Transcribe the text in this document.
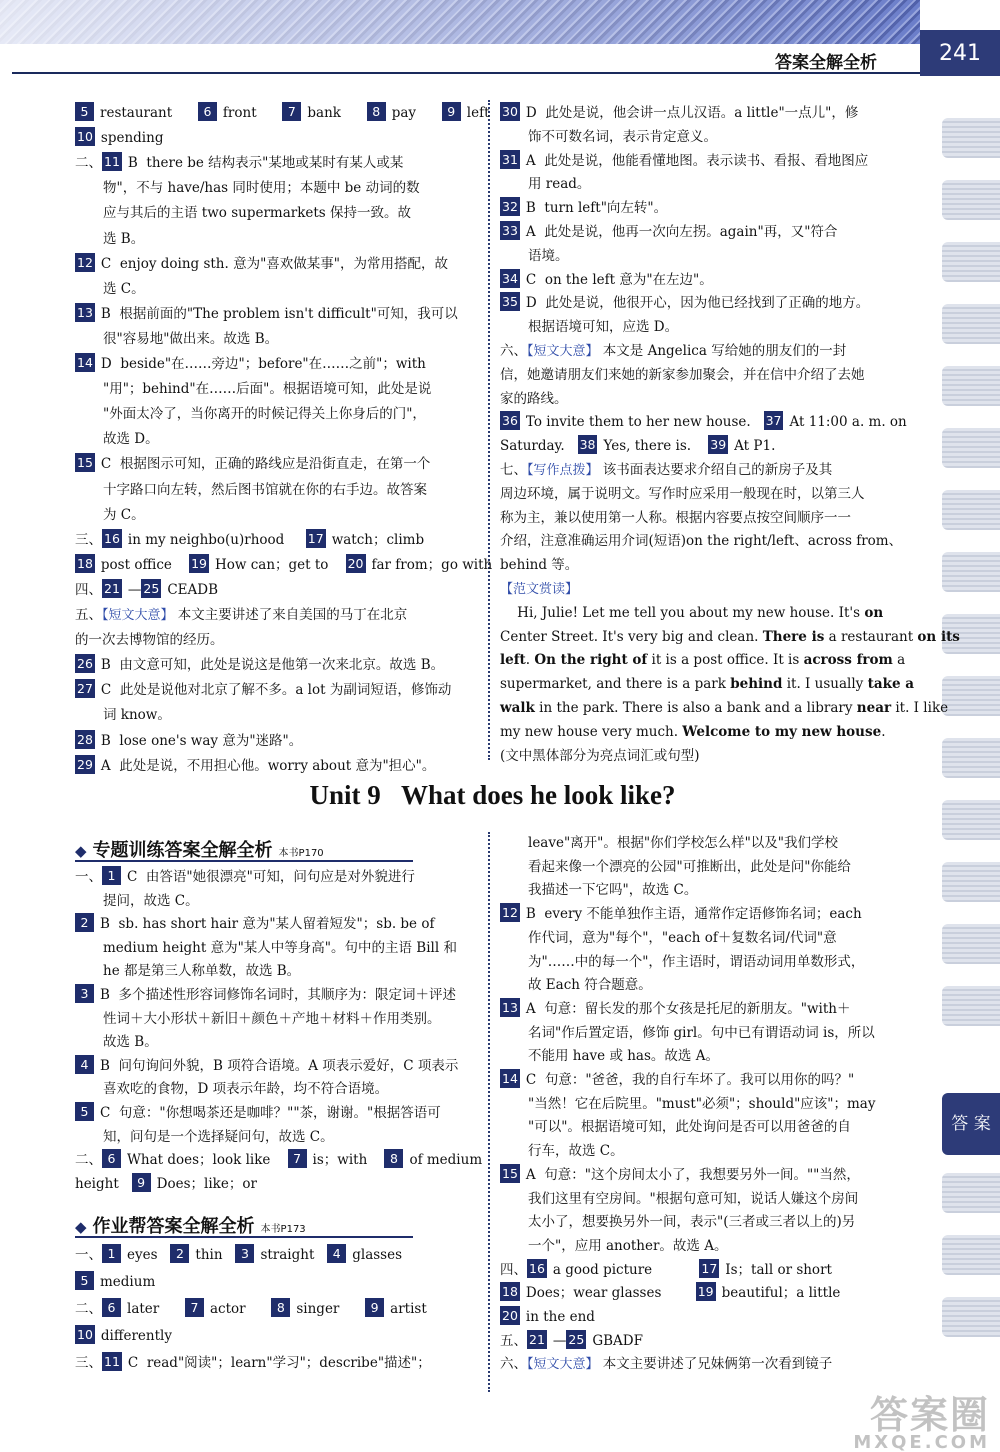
答案全解全析	241
答 案
5 restaurant      6 front      7 bank      8 pay      9 left
10 spending
二、 11 B  there be 结构表示"某地或某时有某人或某
物"，不与 have/has 同时使用；本题中 be 动词的数
应与其后的主语 two supermarkets 保持一致。故
选 B。
12 C  enjoy doing sth. 意为"喜欢做某事"，为常用搭配，故
选 C。
13 B  根据前面的"The problem isn't difficult"可知，我可以
很"容易地"做出来。故选 B。
14 D  beside"在……旁边"；before"在……之前"；with
"用"；behind"在……后面"。根据语境可知，此处是说
"外面太冷了，当你离开的时候记得关上你身后的门"，
故选 D。
15 C  根据图示可知，正确的路线应是沿街直走，在第一个
十字路口向左转，然后图书馆就在你的右手边。故答案
为 C。
三、 16 in my neighbo(u)rhood     17 watch；climb
18 post office    19 How can；get to    20 far from；go with
四、 21 — 25 CEADB
五、【短文大意】 本文主要讲述了来自美国的马丁在北京
的一次去博物馆的经历。
26 B  由文意可知，此处是说这是他第一次来北京。故选 B。
27 C  此处是说他对北京了解不多。a lot 为副词短语，修饰动
词 know。
28 B  lose one's way 意为"迷路"。
29 A  此处是说，不用担心他。worry about 意为"担心"。
30 D  此处是说，他会讲一点儿汉语。a little"一点儿"，修
饰不可数名词，表示肯定意义。
31 A  此处是说，他能看懂地图。表示读书、看报、看地图应
用 read。
32 B  turn left"向左转"。
33 A  此处是说，他再一次向左拐。again"再，又"符合
语境。
34 C  on the left 意为"在左边"。
35 D  此处是说，他很开心，因为他已经找到了正确的地方。
根据语境可知，应选 D。
六、【短文大意】 本文是 Angelica 写给她的朋友们的一封
信，她邀请朋友们来她的新家参加聚会，并在信中介绍了去她
家的路线。
36 To invite them to her new house.   37 At 11:00 a. m. on
Saturday.   38 Yes, there is.    39 At P1.
七、【写作点拨】 该书面表达要求介绍自己的新房子及其
周边环境，属于说明文。写作时应采用一般现在时，以第三人
称为主，兼以使用第一人称。根据内容要点按空间顺序一一
介绍，注意准确运用介词(短语)on the right/left、across from、
behind 等。
【范文赏读】
Hi, Julie! Let me tell you about my new house. It's on
Center Street. It's very big and clean. There is a restaurant on its
left. On the right of it is a post office. It is across from a
supermarket, and there is a park behind it. I usually take a
walk in the park. There is also a bank and a library near it. I like
my new house very much. Welcome to my new house.
(文中黑体部分为亮点词汇或句型)
Unit 9   What does he look like?
◆ 专题训练答案全解全析 本书P170
一、 1 C  由答语"她很漂亮"可知，问句应是对外貌进行
提问，故选 C。
2 B  sb. has short hair 意为"某人留着短发"；sb. be of
medium height 意为"某人中等身高"。句中的主语 Bill 和
he 都是第三人称单数，故选 B。
3 B  多个描述性形容词修饰名词时，其顺序为：限定词＋评述
性词＋大小形状＋新旧＋颜色＋产地＋材料＋作用类别。
故选 B。
4 B  问句询问外貌，B 项符合语境。A 项表示爱好，C 项表示
喜欢吃的食物，D 项表示年龄，均不符合语境。
5 C  句意："你想喝茶还是咖啡？""茶，谢谢。"根据答语可
知，问句是一个选择疑问句，故选 C。
二、 6 What does；look like    7 is；with    8 of medium
height   9 Does；like；or
◆ 作业帮答案全解全析 本书P173
一、 1 eyes   2 thin   3 straight   4 glasses
5 medium
二、 6 later      7 actor      8 singer      9 artist
10 differently
三、 11 C  read"阅读"；learn"学习"；describe"描述"；
leave"离开"。根据"你们学校怎么样"以及"我们学校
看起来像一个漂亮的公园"可推断出，此处是问"你能给
我描述一下它吗"，故选 C。
12 B  every 不能单独作主语，通常作定语修饰名词；each
作代词，意为"每个"，"each of＋复数名词/代词"意
为"……中的每一个"，作主语时，谓语动词用单数形式，
故 Each 符合题意。
13 A  句意：留长发的那个女孩是托尼的新朋友。"with＋
名词"作后置定语，修饰 girl。句中已有谓语动词 is，所以
不能用 have 或 has。故选 A。
14 C  句意："爸爸，我的自行车坏了。我可以用你的吗？"
"当然！它在后院里。"must"必须"；should"应该"；may
"可以"。根据语境可知，此处询问是否可以用爸爸的自
行车，故选 C。
15 A  句意："这个房间太小了，我想要另外一间。""当然，
我们这里有空房间。"根据句意可知，说话人嫌这个房间
太小了，想要换另外一间，表示"(三者或三者以上的)另
一个"，应用 another。故选 A。
四、 16 a good picture           17 Is；tall or short
18 Does；wear glasses        19 beautiful；a little
20 in the end
五、 21 — 25 GBADF
六、【短文大意】 本文主要讲述了兄妹俩第一次看到镜子
答案圈
MXQE.COM
